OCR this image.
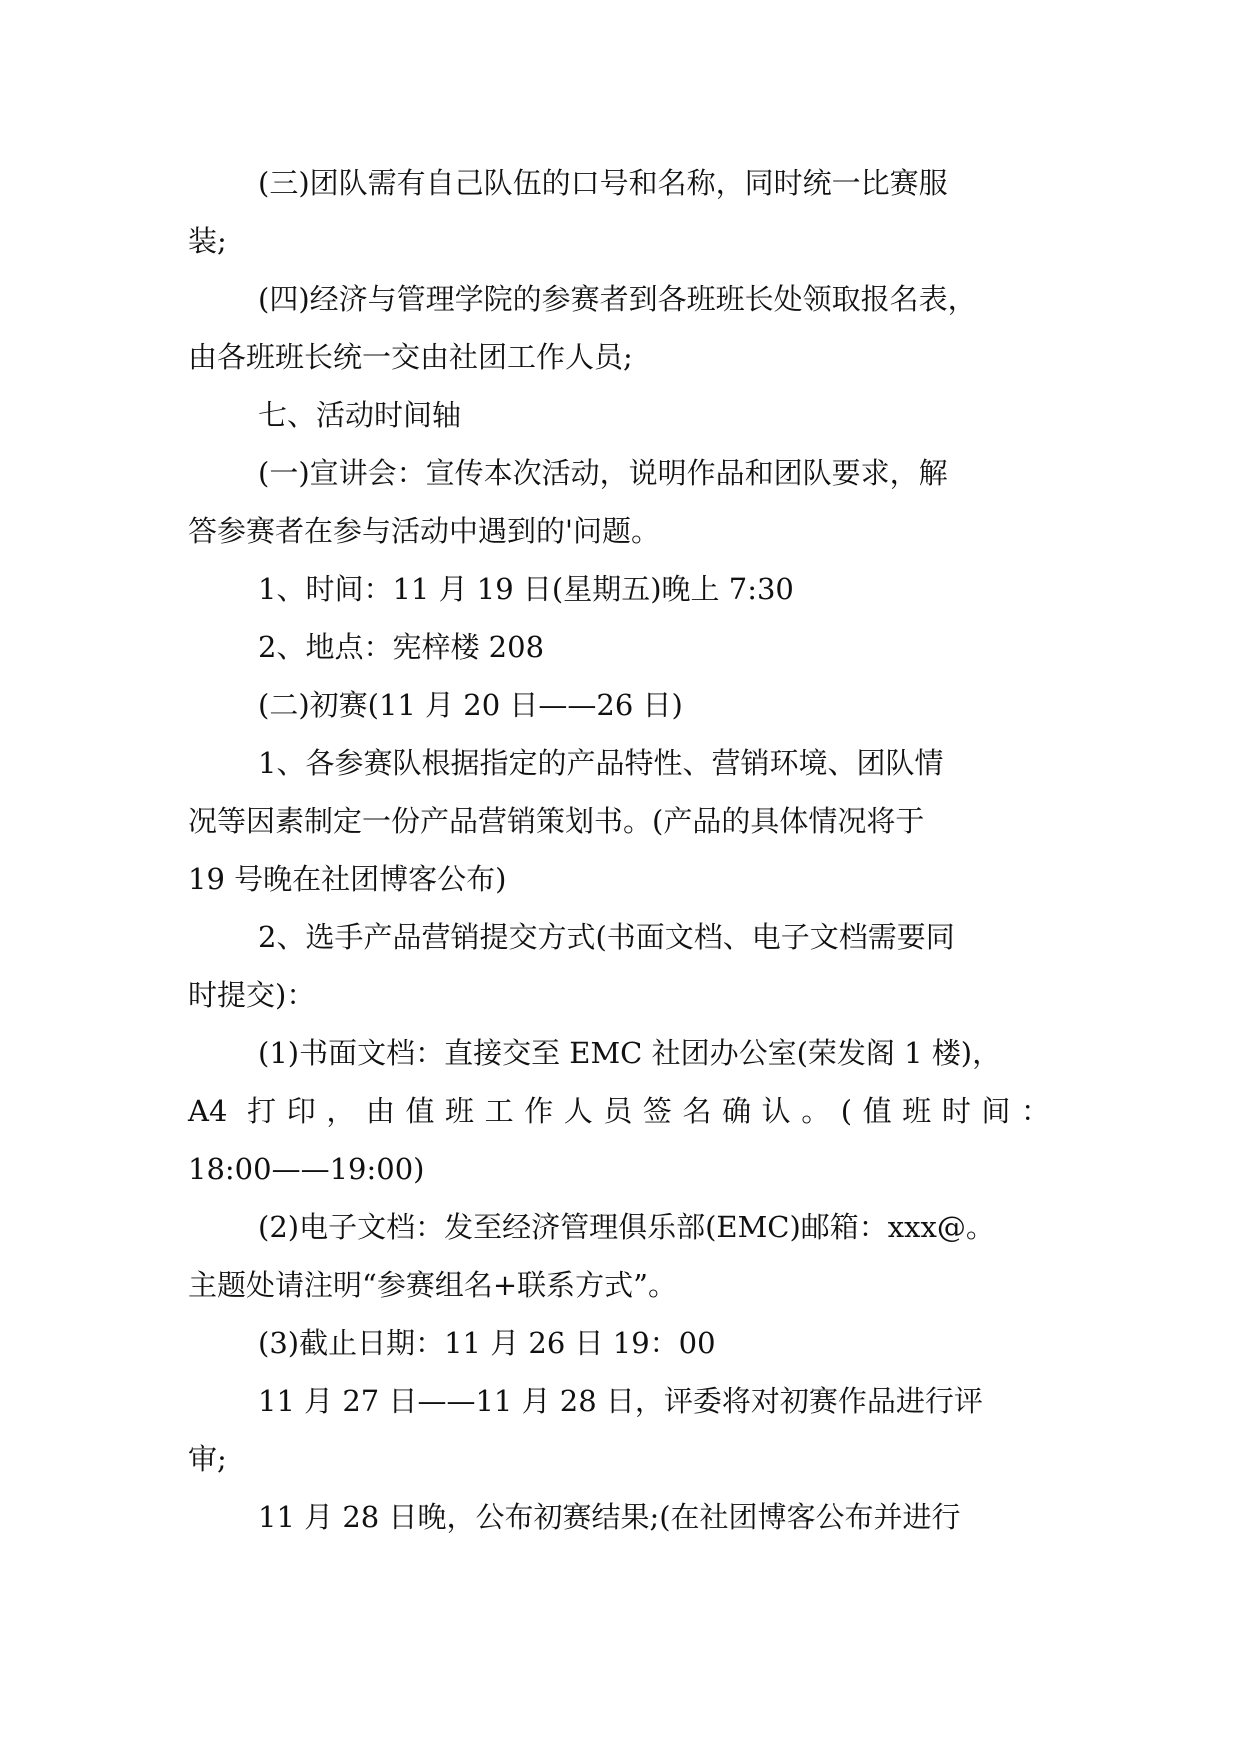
(三)团队需有自己队伍的口号和名称，同时统一比赛服
装;
(四)经济与管理学院的参赛者到各班班长处领取报名表，
由各班班长统一交由社团工作人员;
七、活动时间轴
(一)宣讲会：宣传本次活动，说明作品和团队要求，解
答参赛者在参与活动中遇到的'问题。
1、时间：11 月 19 日(星期五)晚上 7:30
2、地点：宪梓楼 208
(二)初赛(11 月 20 日——26 日)
1、各参赛队根据指定的产品特性、营销环境、团队情
况等因素制定一份产品营销策划书。(产品的具体情况将于
19 号晚在社团博客公布)
2、选手产品营销提交方式(书面文档、电子文档需要同
时提交)：
(1)书面文档：直接交至 EMC 社团办公室(荣发阁 1 楼)，
A4 打印，由值班工作人员签名确认。(值班时间：
18:00——19:00)
(2)电子文档：发至经济管理俱乐部(EMC)邮箱：xxx@。
主题处请注明“参赛组名+联系方式”。
(3)截止日期：11 月 26 日 19：00
11 月 27 日——11 月 28 日，评委将对初赛作品进行评
审;
11 月 28 日晚，公布初赛结果;(在社团博客公布并进行
